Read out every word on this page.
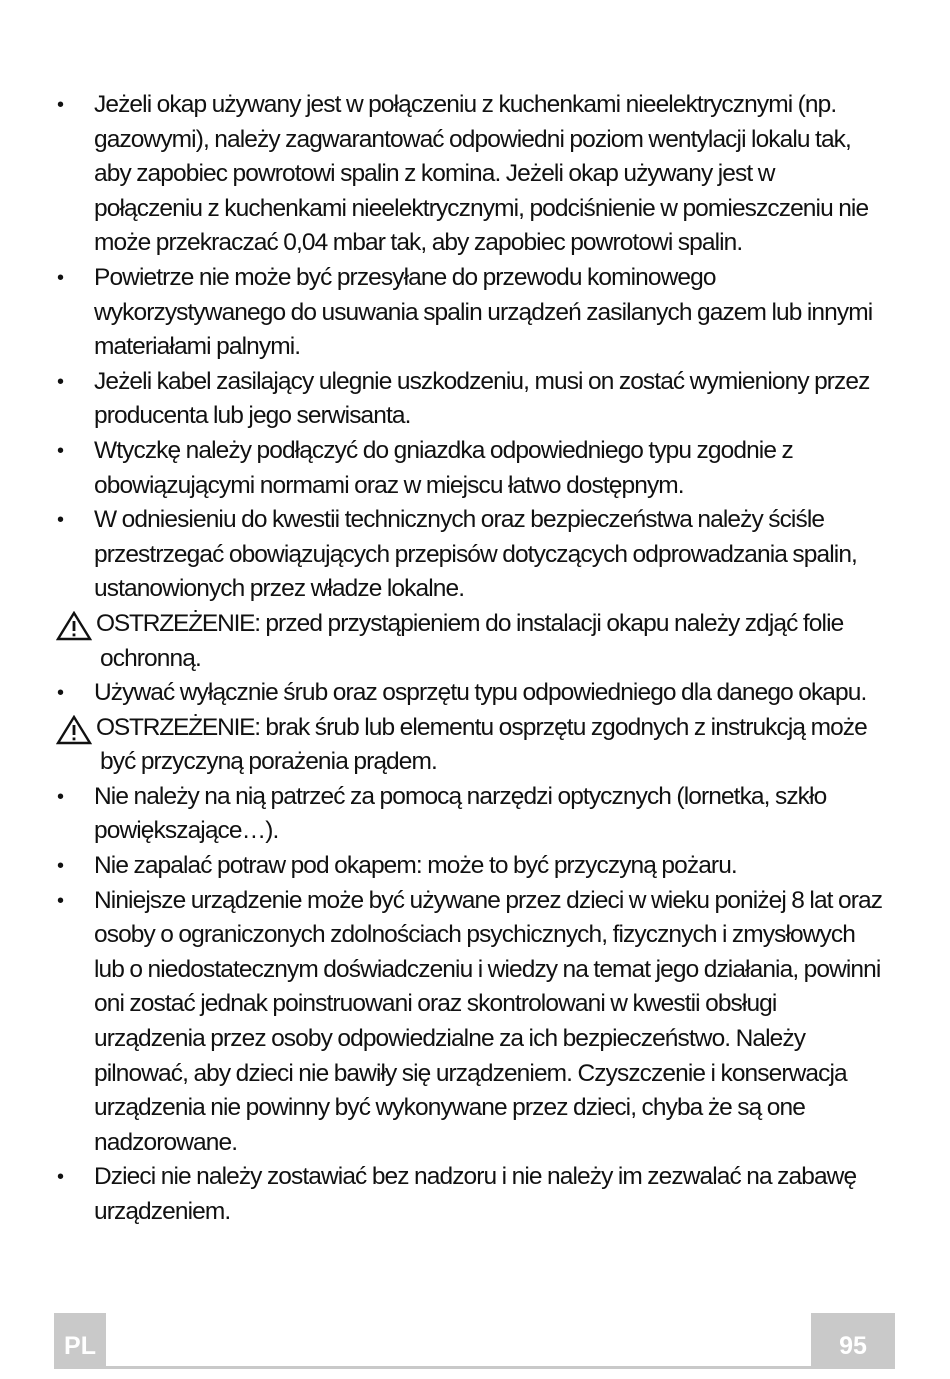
• Jeżeli okap używany jest w połączeniu z kuchenkami nieelektrycznymi (np. gazowymi), należy zagwarantować odpowiedni poziom wentylacji lokalu tak, aby zapobiec powrotowi spalin z komina. Jeżeli okap używany jest w połączeniu z kuchenkami nieelektrycznymi, podciśnienie w pomieszczeniu nie może przekraczać 0,04 mbar tak, aby zapobiec powrotowi spalin.
• Powietrze nie może być przesyłane do przewodu kominowego wykorzystywanego do usuwania spalin urządzeń zasilanych gazem lub innymi materiałami palnymi.
• Jeżeli kabel zasilający ulegnie uszkodzeniu, musi on zostać wymieniony przez producenta lub jego serwisanta.
• Wtyczkę należy podłączyć do gniazdka odpowiedniego typu zgodnie z obowiązującymi normami oraz w miejscu łatwo dostępnym.
• W odniesieniu do kwestii technicznych oraz bezpieczeństwa należy ściśle przestrzegać obowiązujących przepisów dotyczących odprowadzania spalin, ustanowionych przez władze lokalne.
OSTRZEŻENIE: przed przystąpieniem do instalacji okapu należy zdjąć folie
ochronną.
• Używać wyłącznie śrub oraz osprzętu typu odpowiedniego dla danego okapu.
OSTRZEŻENIE: brak śrub lub elementu osprzętu zgodnych z instrukcją może
być przyczyną porażenia prądem.
• Nie należy na nią patrzeć za pomocą narzędzi optycznych (lornetka, szkło powiększające…).
• Nie zapalać potraw pod okapem: może to być przyczyną pożaru.
• Niniejsze urządzenie może być używane przez dzieci w wieku poniżej 8 lat oraz osoby o ograniczonych zdolnościach psychicznych, fizycznych i zmysłowych lub o niedostatecznym doświadczeniu i wiedzy na temat jego działania, powinni oni zostać jednak poinstruowani oraz skontrolowani w kwestii obsługi urządzenia przez osoby odpowiedzialne za ich bezpieczeństwo. Należy pilnować, aby dzieci nie bawiły się urządzeniem. Czyszczenie i konserwacja urządzenia nie powinny być wykonywane przez dzieci, chyba że są one nadzorowane.
• Dzieci nie należy zostawiać bez nadzoru i nie należy im zezwalać na zabawę urządzeniem.
PL	95
